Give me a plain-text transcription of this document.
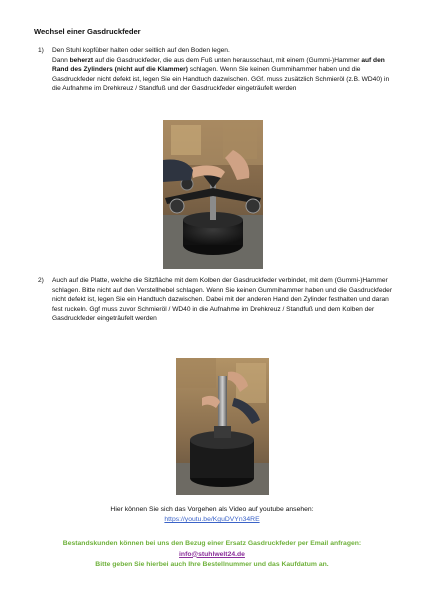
Wechsel einer Gasdruckfeder
1) Den Stuhl kopfüber halten oder seitlich auf den Boden legen.

Dann beherzt auf die Gasdruckfeder, die aus dem Fuß unten herausschaut, mit einem (Gummi-)Hammer auf den Rand des Zylinders (nicht auf die Klammer) schlagen. Wenn Sie keinen Gummihammer haben und die Gasdruckfeder nicht defekt ist, legen Sie ein Handtuch dazwischen. GGf. muss zusätzlich Schmieröl (z.B. WD40) in die Aufnahme im Drehkreuz / Standfuß und der Gasdruckfeder eingeträufelt werden

2) Auch auf die Platte, welche die Sitzfläche mit dem Kolben der Gasdruckfeder verbindet, mit dem (Gummi-)Hammer schlagen. Bitte nicht auf den Verstellhebel schlagen. Wenn Sie keinen Gummihammer haben und die Gasdruckfeder nicht defekt ist, legen Sie ein Handtuch dazwischen. Dabei mit der anderen Hand den Zylinder festhalten und daran fest ruckeln. Ggf muss zuvor Schmieröl / WD40 in die Aufnahme im Drehkreuz / Standfuß und dem Kolben der Gasdruckfeder eingeträufelt werden

Hier können Sie sich das Vorgehen als Video auf youtube ansehen:
https://youtu.be/KguDVYn34RE
Bestandskunden können bei uns den Bezug einer Ersatz Gasdruckfeder per Email anfragen:
info@stuhlwelt24.de
Bitte geben Sie hierbei auch Ihre Bestellnummer und das Kaufdatum an.
